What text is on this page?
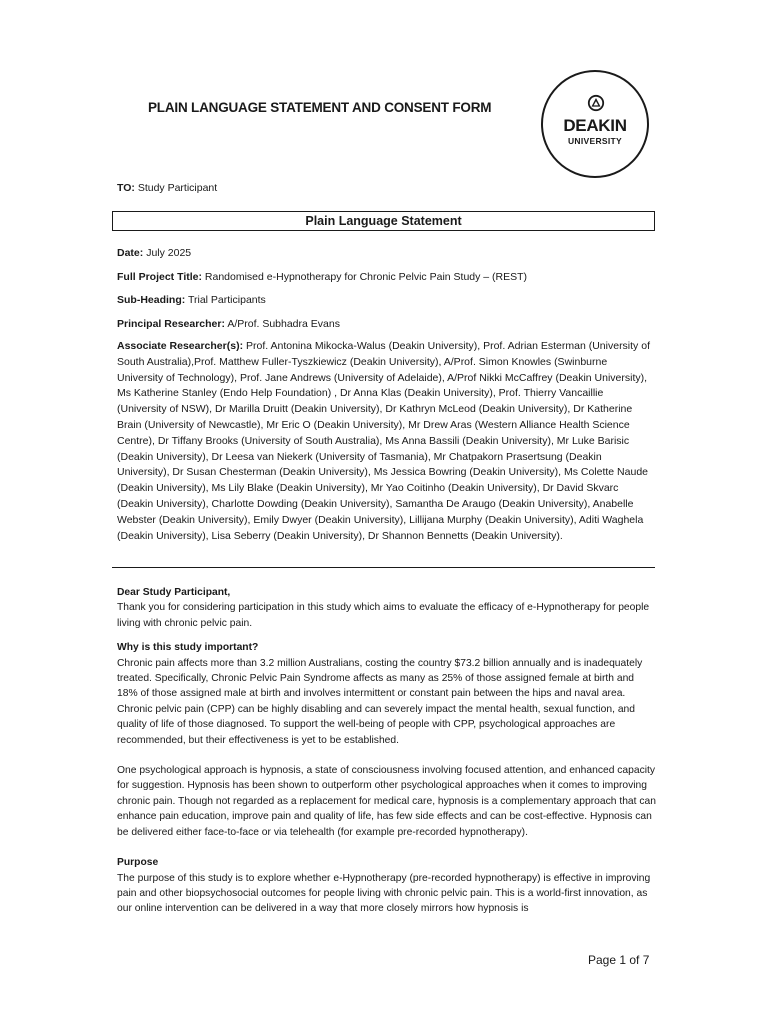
PLAIN LANGUAGE STATEMENT AND CONSENT FORM
DEAKIN
UNIVERSITY
TO: Study Participant
Plain Language Statement
Date: July 2025
Full Project Title: Randomised e-Hypnotherapy for Chronic Pelvic Pain Study – (REST)
Sub-Heading: Trial Participants
Principal Researcher: A/Prof. Subhadra Evans
Associate Researcher(s): Prof. Antonina Mikocka-Walus (Deakin University), Prof. Adrian Esterman (University of South Australia),Prof. Matthew Fuller-Tyszkiewicz (Deakin University), A/Prof. Simon Knowles (Swinburne University of Technology), Prof. Jane Andrews (University of Adelaide), A/Prof Nikki McCaffrey (Deakin University), Ms Katherine Stanley (Endo Help Foundation) , Dr Anna Klas (Deakin University), Prof. Thierry Vancaillie (University of NSW), Dr Marilla Druitt (Deakin University), Dr Kathryn McLeod (Deakin University), Dr Katherine Brain (University of Newcastle), Mr Eric O (Deakin University), Mr Drew Aras (Western Alliance Health Science Centre), Dr Tiffany Brooks (University of South Australia), Ms Anna Bassili (Deakin University), Mr Luke Barisic (Deakin University), Dr Leesa van Niekerk (University of Tasmania), Mr Chatpakorn Prasertsung (Deakin University), Dr Susan Chesterman (Deakin University), Ms Jessica Bowring (Deakin University), Ms Colette Naude (Deakin University), Ms Lily Blake (Deakin University), Mr Yao Coitinho (Deakin University), Dr David Skvarc (Deakin University), Charlotte Dowding (Deakin University), Samantha De Araugo (Deakin University), Anabelle Webster (Deakin University), Emily Dwyer (Deakin University), Lillijana Murphy (Deakin University), Aditi Waghela (Deakin University), Lisa Seberry (Deakin University), Dr Shannon Bennetts (Deakin University).

Dear Study Participant,
Thank you for considering participation in this study which aims to evaluate the efficacy of e-Hypnotherapy for people living with chronic pelvic pain.

Why is this study important?
Chronic pain affects more than 3.2 million Australians, costing the country $73.2 billion annually and is inadequately treated. Specifically, Chronic Pelvic Pain Syndrome affects as many as 25% of those assigned female at birth and 18% of those assigned male at birth and involves intermittent or constant pain between the hips and naval area. Chronic pelvic pain (CPP) can be highly disabling and can severely impact the mental health, sexual function, and quality of life of those diagnosed. To support the well-being of people with CPP, psychological approaches are recommended, but their effectiveness is yet to be established.

One psychological approach is hypnosis, a state of consciousness involving focused attention, and enhanced capacity for suggestion. Hypnosis has been shown to outperform other psychological approaches when it comes to improving chronic pain. Though not regarded as a replacement for medical care, hypnosis is a complementary approach that can enhance pain education, improve pain and quality of life, has few side effects and can be cost-effective. Hypnosis can be delivered either face-to-face or via telehealth (for example pre-recorded hypnotherapy).

Purpose
The purpose of this study is to explore whether e-Hypnotherapy (pre-recorded hypnotherapy) is effective in improving pain and other biopsychosocial outcomes for people living with chronic pelvic pain. This is a world-first innovation, as our online intervention can be delivered in a way that more closely mirrors how hypnosis is

Page 1 of 7
